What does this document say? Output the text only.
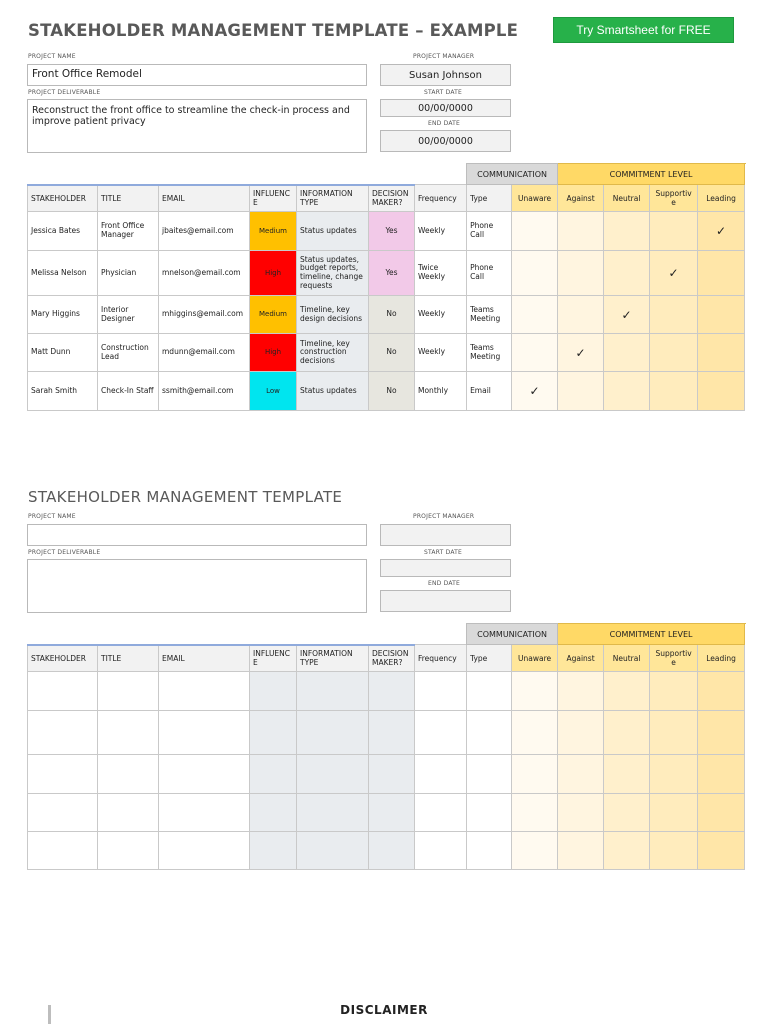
STAKEHOLDER MANAGEMENT TEMPLATE – EXAMPLE	Try Smartsheet for FREE
PROJECT NAME
Front Office Remodel
PROJECT MANAGER
Susan Johnson
PROJECT DELIVERABLE
Reconstruct the front office to streamline the check-in process and improve patient privacy
START DATE
00/00/0000
END DATE
00/00/0000
							COMMUNICATION		COMMITMENT LEVEL			
STAKEHOLDER	TITLE	EMAIL	INFLUENC E	INFORMATION TYPE	DECISION MAKER?	Frequency	Type	Unaware	Against	Neutral	Supportiv e	Leading
Jessica Bates	Front Office Manager	jbaites@email.com	Medium	Status updates	Yes	Weekly	Phone Call					✓
Melissa Nelson	Physician	mnelson@email.com	High	Status updates, budget reports, timeline, change requests	Yes	Twice Weekly	Phone Call				✓	
Mary Higgins	Interior Designer	mhiggins@email.com	Medium	Timeline, key design decisions	No	Weekly	Teams Meeting			✓		
Matt Dunn	Construction Lead	mdunn@email.com	High	Timeline, key construction decisions	No	Weekly	Teams Meeting		✓			
Sarah Smith	Check-In Staff	ssmith@email.com	Low	Status updates	No	Monthly	Email	✓				
STAKEHOLDER MANAGEMENT TEMPLATE
PROJECT NAME	PROJECT MANAGER
PROJECT DELIVERABLE	START DATE
END DATE
							COMMUNICATION		COMMITMENT LEVEL			
STAKEHOLDER	TITLE	EMAIL	INFLUENC E	INFORMATION TYPE	DECISION MAKER?	Frequency	Type	Unaware	Against	Neutral	Supportiv e	Leading

DISCLAIMER
